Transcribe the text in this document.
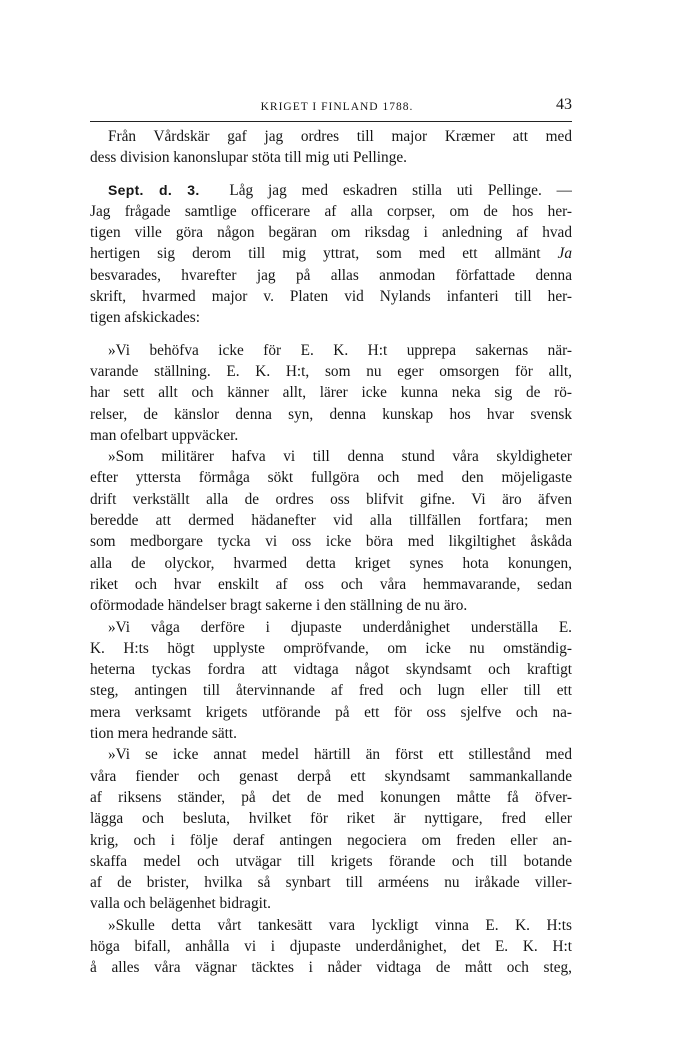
KRIGET I FINLAND 1788.	43

Från Vårdskär gaf jag ordres till major Kræmer att med
dess division kanonslupar stöta till mig uti Pellinge.

Sept. d. 3. Låg jag med eskadren stilla uti Pellinge. —
Jag frågade samtlige officerare af alla corpser, om de hos her-
tigen ville göra någon begäran om riksdag i anledning af hvad
hertigen sig derom till mig yttrat, som med ett allmänt Ja
besvarades, hvarefter jag på allas anmodan författade denna
skrift, hvarmed major v. Platen vid Nylands infanteri till her-
tigen afskickades:

»Vi behöfva icke för E. K. H:t upprepa sakernas när-
varande ställning. E. K. H:t, som nu eger omsorgen för allt,
har sett allt och känner allt, lärer icke kunna neka sig de rö-
relser, de känslor denna syn, denna kunskap hos hvar svensk
man ofelbart uppväcker.

»Som militärer hafva vi till denna stund våra skyldigheter
efter yttersta förmåga sökt fullgöra och med den möjeligaste
drift verkställt alla de ordres oss blifvit gifne. Vi äro äfven
beredde att dermed hädanefter vid alla tillfällen fortfara; men
som medborgare tycka vi oss icke böra med likgiltighet åskåda
alla de olyckor, hvarmed detta kriget synes hota konungen,
riket och hvar enskilt af oss och våra hemmavarande, sedan
oförmodade händelser bragt sakerne i den ställning de nu äro.

»Vi våga derföre i djupaste underdånighet underställa E.
K. H:ts högt upplyste ompröfvande, om icke nu omständig-
heterna tyckas fordra att vidtaga något skyndsamt och kraftigt
steg, antingen till återvinnande af fred och lugn eller till ett
mera verksamt krigets utförande på ett för oss sjelfve och na-
tion mera hedrande sätt.

»Vi se icke annat medel härtill än först ett stillestånd med
våra fiender och genast derpå ett skyndsamt sammankallande
af riksens ständer, på det de med konungen måtte få öfver-
lägga och besluta, hvilket för riket är nyttigare, fred eller
krig, och i följe deraf antingen negociera om freden eller an-
skaffa medel och utvägar till krigets förande och till botande
af de brister, hvilka så synbart till arméens nu iråkade viller-
valla och belägenhet bidragit.

»Skulle detta vårt tankesätt vara lyckligt vinna E. K. H:ts
höga bifall, anhålla vi i djupaste underdånighet, det E. K. H:t
å alles våra vägnar täcktes i nåder vidtaga de mått och steg,
